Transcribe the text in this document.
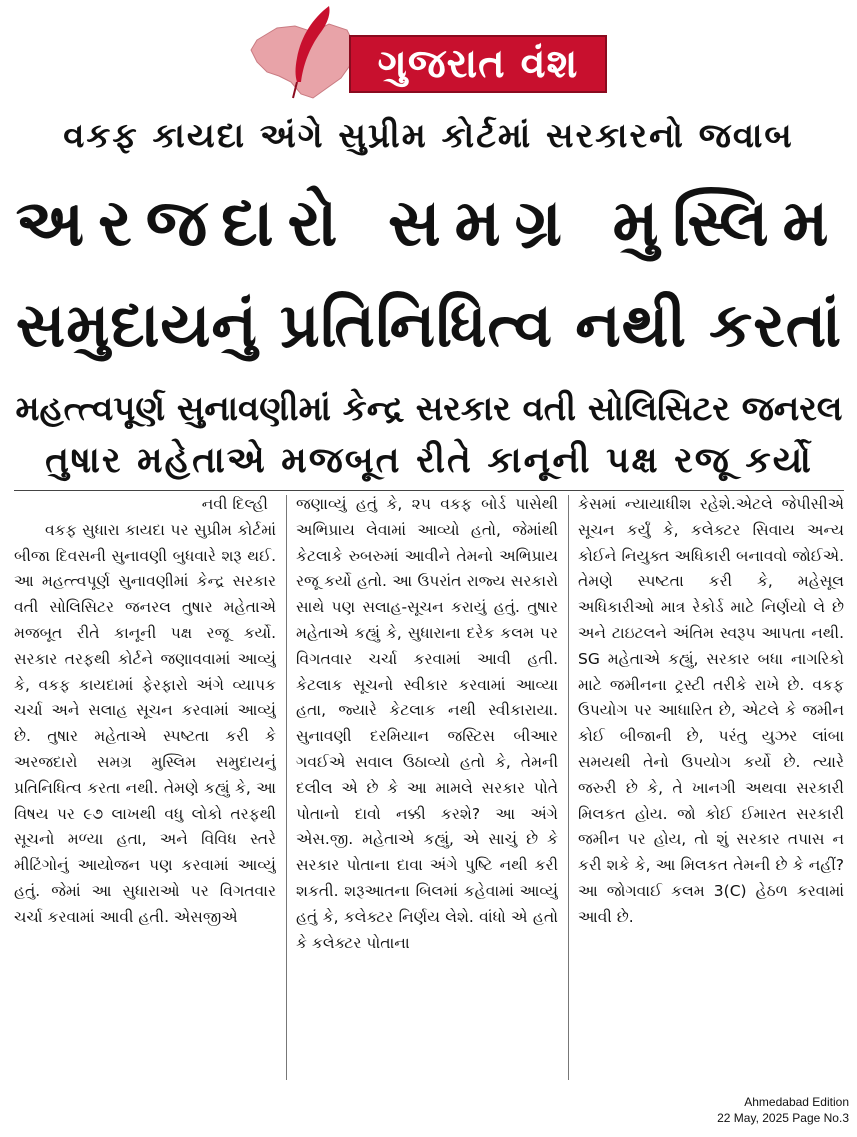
ગુજરાત વંશ
વકફ કાયદા અંગે સુપ્રીમ કોર્ટમાં સરકારનો જવાબ
અરજદારો સમગ્ર મુસ્લિમ
સમુદાયનું પ્રતિનિધિત્વ નથી કરતાં
મહત્ત્વપૂર્ણ સુનાવણીમાં કેન્દ્ર સરકાર વતી સોલિસિટર જનરલ
તુષાર મહેતાએ મજબૂત રીતે કાનૂની પક્ષ રજૂ કર્યો
નવી દિલ્હી

વકફ સુધારા કાયદા પર સુપ્રીમ કોર્ટમાં બીજા દિવસની સુનાવણી બુધવારે શરૂ થઈ. આ મહત્ત્વપૂર્ણ સુનાવણીમાં કેન્દ્ર સરકાર વતી સોલિસિટર જનરલ તુષાર મહેતાએ મજબૂત રીતે કાનૂની પક્ષ રજૂ કર્યો. સરકાર તરફથી કોર્ટને જણાવવામાં આવ્યું કે, વકફ કાયદામાં ફેરફારો અંગે વ્યાપક ચર્ચા અને સલાહ સૂચન કરવામાં આવ્યું છે. તુષાર મહેતાએ સ્પષ્ટતા કરી કે અરજદારો સમગ્ર મુસ્લિમ સમુદાયનું પ્રતિનિધિત્વ કરતા નથી. તેમણે કહ્યું કે, આ વિષય પર ૯૭ લાખથી વધુ લોકો તરફથી સૂચનો મળ્યા હતા, અને વિવિધ સ્તરે મીટિંગોનું આયોજન પણ કરવામાં આવ્યું હતું. જેમાં આ સુધારાઓ પર વિગતવાર ચર્ચા કરવામાં આવી હતી. એસજીએ

જણાવ્યું હતું કે, ૨૫ વકફ બોર્ડ પાસેથી અભિપ્રાય લેવામાં આવ્યો હતો, જેમાંથી કેટલાકે રુબરુમાં આવીને તેમનો અભિપ્રાય રજૂ કર્યો હતો. આ ઉપરાંત રાજ્ય સરકારો સાથે પણ સલાહ-સૂચન કરાયું હતું. તુષાર મહેતાએ કહ્યું કે, સુધારાના દરેક કલમ પર વિગતવાર ચર્ચા કરવામાં આવી હતી. કેટલાક સૂચનો સ્વીકાર કરવામાં આવ્યા હતા, જ્યારે કેટલાક નથી સ્વીકારાયા. સુનાવણી દરમિયાન જસ્ટિસ બીઆર ગવઈએ સવાલ ઉઠાવ્યો હતો કે, તેમની દલીલ એ છે કે આ મામલે સરકાર પોતે પોતાનો દાવો નક્કી કરશે? આ અંગે એસ.જી. મહેતાએ કહ્યું, એ સાચું છે કે સરકાર પોતાના દાવા અંગે પુષ્ટિ નથી કરી શકતી. શરૂઆતના બિલમાં કહેવામાં આવ્યું હતું કે, કલેક્ટર નિર્ણય લેશે. વાંધો એ હતો કે કલેક્ટર પોતાના

કેસમાં ન્યાયાધીશ રહેશે.એટલે જેપીસીએ સૂચન કર્યું કે, કલેક્ટર સિવાય અન્ય કોઈને નિયુક્ત અધિકારી બનાવવો જોઈએ. તેમણે સ્પષ્ટતા કરી કે, મહેસૂલ અધિકારીઓ માત્ર રેકોર્ડ માટે નિર્ણયો લે છે અને ટાઇટલને અંતિમ સ્વરૂપ આપતા નથી. SG મહેતાએ કહ્યું, સરકાર બધા નાગરિકો માટે જમીનના ટ્રસ્ટી તરીકે રાખે છે. વકફ ઉપયોગ પર આધારિત છે, એટલે કે જમીન કોઈ બીજાની છે, પરંતુ યુઝર લાંબા સમયથી તેનો ઉપયોગ કર્યો છે. ત્યારે જરુરી છે કે, તે ખાનગી અથવા સરકારી મિલકત હોય. જો કોઈ ઈમારત સરકારી જમીન પર હોય, તો શું સરકાર તપાસ ન કરી શકે કે, આ મિલકત તેમની છે કે નહીં? આ જોગવાઈ કલમ 3(C) હેઠળ કરવામાં આવી છે.

Ahmedabad Edition
22 May, 2025 Page No.3
